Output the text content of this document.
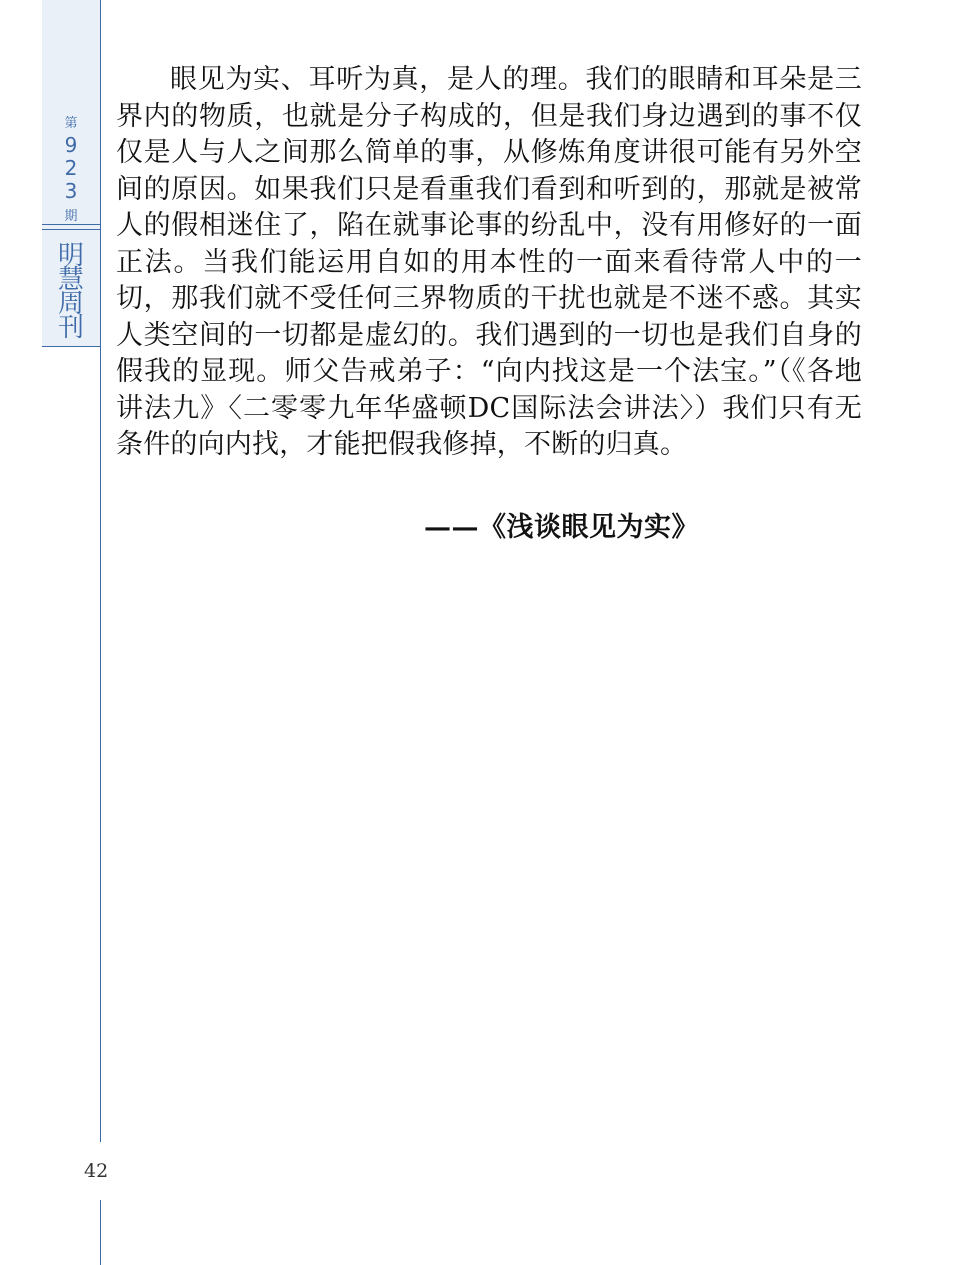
第
9
2
3
期
明
慧
周
刊

眼见为实、耳听为真，是人的理。我们的眼睛和耳朵是三界内的物质，也就是分子构成的，但是我们身边遇到的事不仅仅是人与人之间那么简单的事，从修炼角度讲很可能有另外空间的原因。如果我们只是看重我们看到和听到的，那就是被常人的假相迷住了，陷在就事论事的纷乱中，没有用修好的一面正法。当我们能运用自如的用本性的一面来看待常人中的一切，那我们就不受任何三界物质的干扰也就是不迷不惑。其实人类空间的一切都是虚幻的。我们遇到的一切也是我们自身的假我的显现。师父告戒弟子：“向内找这是一个法宝。”（《各地讲法九》〈二零零九年华盛顿DC国际法会讲法〉）我们只有无条件的向内找，才能把假我修掉，不断的归真。

——《浅谈眼见为实》
42
